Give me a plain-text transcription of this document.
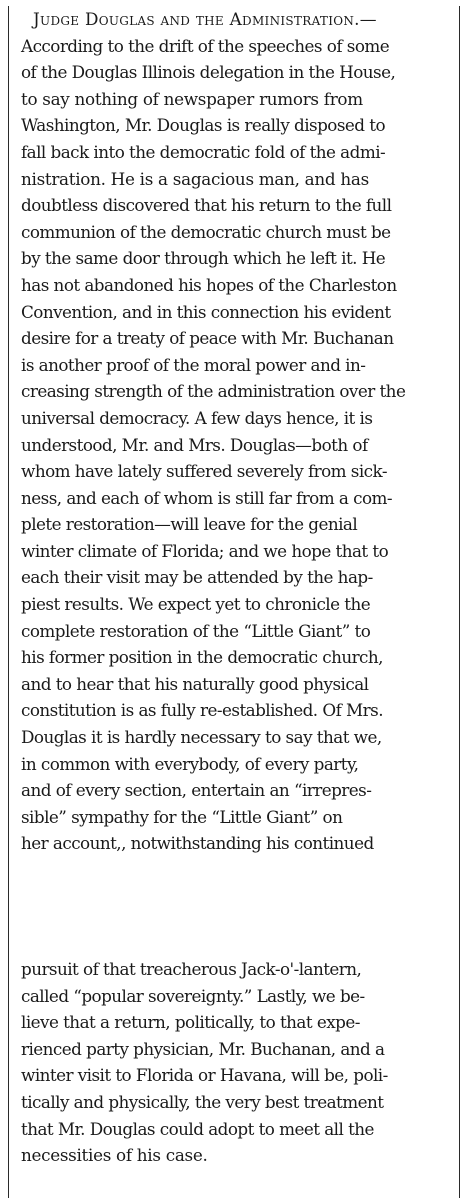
Judge Douglas and the Administration.—
According to the drift of the speeches of some
of the Douglas Illinois delegation in the House,
to say nothing of newspaper rumors from
Washington, Mr. Douglas is really disposed to
fall back into the democratic fold of the admi-
nistration. He is a sagacious man, and has
doubtless discovered that his return to the full
communion of the democratic church must be
by the same door through which he left it. He
has not abandoned his hopes of the Charleston
Convention, and in this connection his evident
desire for a treaty of peace with Mr. Buchanan
is another proof of the moral power and in-
creasing strength of the administration over the
universal democracy. A few days hence, it is
understood, Mr. and Mrs. Douglas—both of
whom have lately suffered severely from sick-
ness, and each of whom is still far from a com-
plete restoration—will leave for the genial
winter climate of Florida; and we hope that to
each their visit may be attended by the hap-
piest results. We expect yet to chronicle the
complete restoration of the “Little Giant” to
his former position in the democratic church,
and to hear that his naturally good physical
constitution is as fully re-established. Of Mrs.
Douglas it is hardly necessary to say that we,
in common with everybody, of every party,
and of every section, entertain an “irrepres-
sible” sympathy for the “Little Giant” on
her account,, notwithstanding his continued
pursuit of that treacherous Jack-o'-lantern,
called “popular sovereignty.” Lastly, we be-
lieve that a return, politically, to that expe-
rienced party physician, Mr. Buchanan, and a
winter visit to Florida or Havana, will be, poli-
tically and physically, the very best treatment
that Mr. Douglas could adopt to meet all the
necessities of his case.
